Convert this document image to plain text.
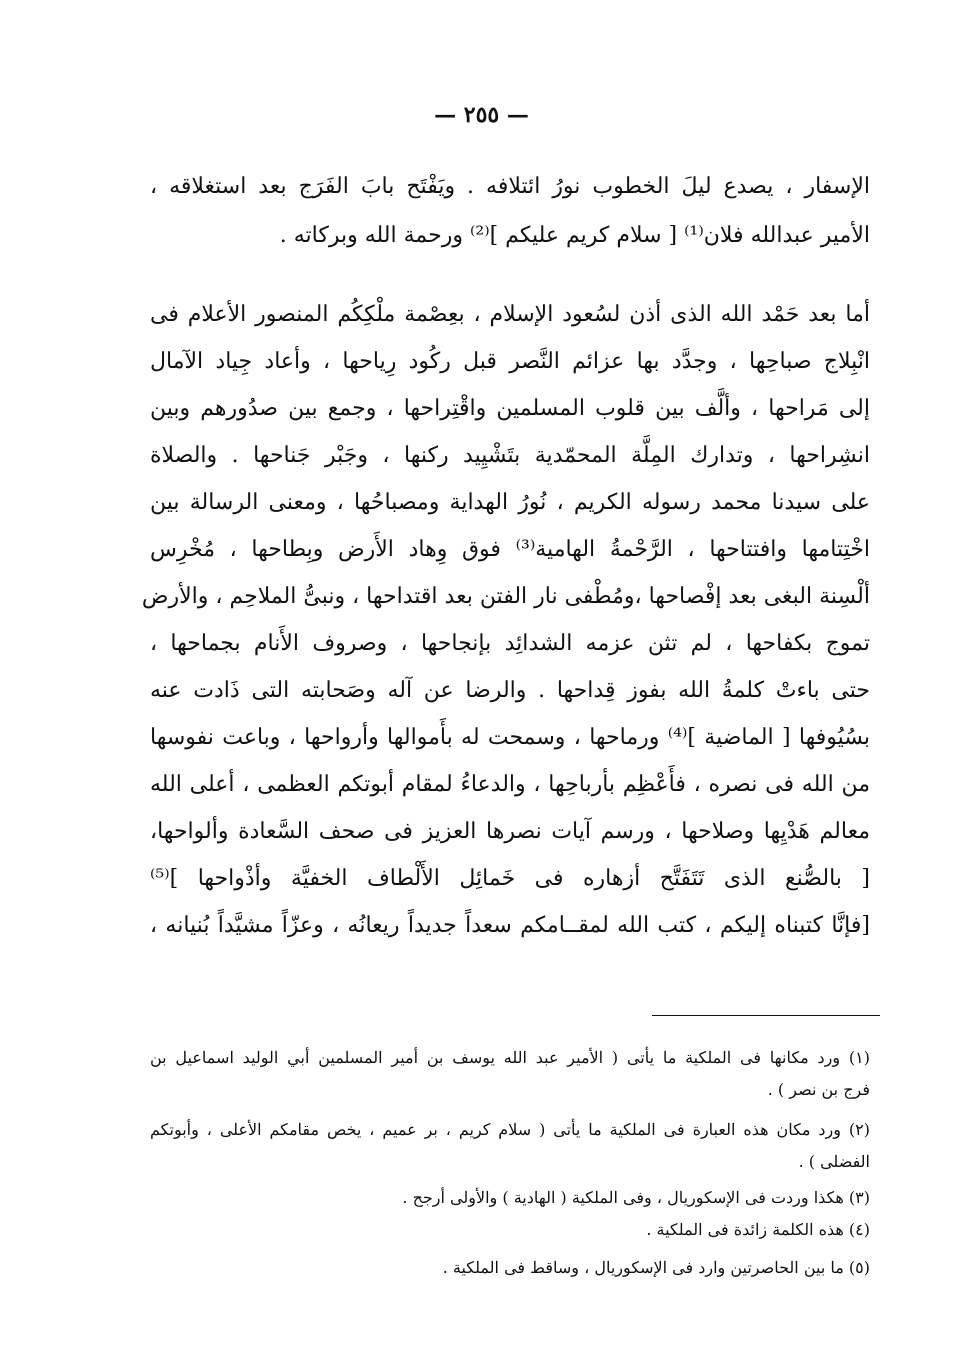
— ٢٥٥ —
الإسفار ، يصدع ليلَ الخطوب نورُ ائتلافه . ويَفْتَح بابَ الفَرَج بعد استغلاقه ،
الأمير عبدالله فلان⁽¹⁾ [ سلام كريم عليكم ]⁽²⁾ ورحمة الله وبركاته .
أما بعد حَمْد الله الذى أذن لسُعود الإسلام ، بعِصْمة ملْكِكُم المنصور الأعلام فى
انْبِلاج صباحِها ، وجدَّد بها عزائم النَّصر قبل ركُود رِياحها ، وأعاد جِياد الآمال
إلى مَراحها ، وألَّف بين قلوب المسلمين واقْتِراحها ، وجمع بين صدُورهم وبين
انشِراحها ، وتدارك المِلَّة المحمّدية بتَشْيِيد ركنها ، وجَبْر جَناحها . والصلاة
على سيدنا محمد رسوله الكريم ، نُورُ الهداية ومصباحُها ، ومعنى الرسالة بين
اخْتِتامها وافتتاحها ، الرَّحْمةُ الهامية⁽³⁾ فوق وِهاد الأَرض وبِطاحها ، مُخْرِس
ألْسِنة البغى بعد إفْصاحها ،ومُطْفى نار الفتن بعد اقتداحها ، ونبىُّ الملاحِم ، والأرض
تموج بكفاحها ، لم تثن عزمه الشدائِد بإنجاحها ، وصروف الأَنام بجماحها ،
حتى باءتْ كلمةُ الله بفوز قِداحها . والرضا عن آله وصَحابته التى ذَادت عنه
بسُيُوفها [ الماضية ]⁽⁴⁾ ورماحها ، وسمحت له بأَموالها وأرواحها ، وباعت نفوسها
من الله فى نصره ، فأَعْظِم بأرباحِها ، والدعاءُ لمقام أبوتكم العظمى ، أعلى الله
معالم هَدْيِها وصلاحها ، ورسم آيات نصرها العزيز فى صحف السَّعادة وألواحها،
[ بالصُّنع الذى تَتَفَتَّح أزهاره فى خَمائِل الأَلْطاف الخفيَّة وأذْواحها ]⁽⁵⁾
[فإنَّا كتبناه إليكم ، كتب الله لمقــامكم سعداً جديداً ريعانُه ، وعزّاً مشيَّداً بُنيانه ،
(١) ورد مكانها فى الملكية ما يأتى ( الأمير عبد الله يوسف بن أمير المسلمين أبي الوليد اسماعيل بن
فرج بن نصر ) .
(٢) ورد مكان هذه العبارة فى الملكية ما يأتى ( سلام كريم ، بر عميم ، يخص مقامكم الأعلى ، وأبوتكم
الفضلى ) .
(٣) هكذا وردت فى الإسكوريال ، وفى الملكية ( الهادية ) والأولى أرجح .
(٤) هذه الكلمة زائدة فى الملكية .
(٥) ما بين الحاصرتين وارد فى الإسكوريال ، وساقط فى الملكية .
